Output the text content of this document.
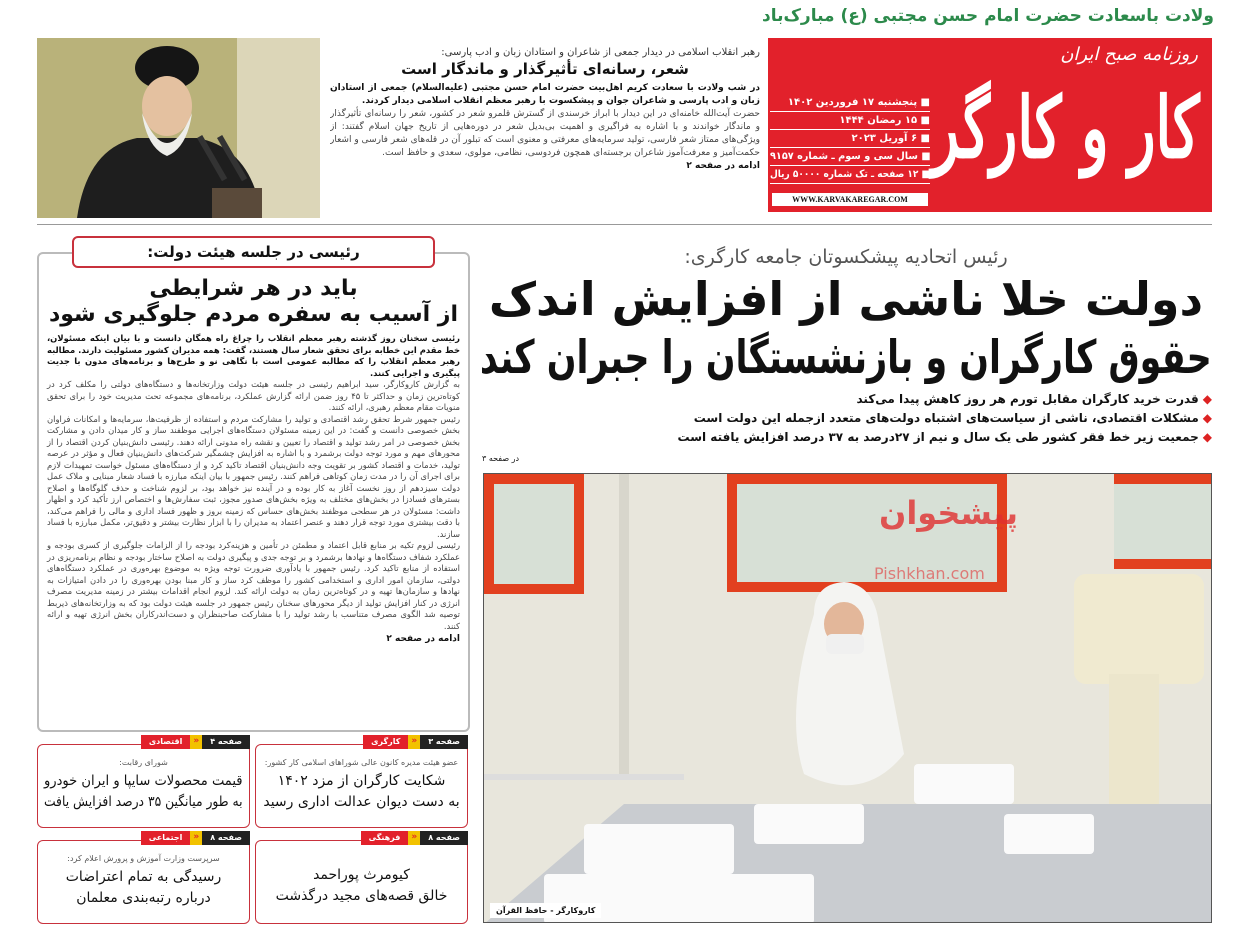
ولادت باسعادت حضرت امام حسن مجتبی (ع) مبارک‌باد
روزنامه صبح ایران
کار و کارگر
■ پنجشنبه ۱۷ فروردین ۱۴۰۲
■ ۱۵ رمضان ۱۴۴۴
■ ۶ آوریل ۲۰۲۳
■ سال سی و سوم ـ شماره ۹۱۵۷
■ ۱۲ صفحه ـ تک شماره ۵۰۰۰۰ ریال
WWW.KARVAKAREGAR.COM
رهبر انقلاب اسلامی در دیدار جمعی از شاعران و استادان زبان و ادب پارسی:
شعر، رسانه‌ای تأثیرگذار و ماندگار است

در شب ولادت با سعادت کریم اهل‌بیت حضرت امام حسن مجتبی (علیه‌السلام) جمعی از استادان زبان و ادب پارسی و شاعران جوان و پیشکسوت با رهبر معظم انقلاب اسلامی دیدار کردند.

حضرت آیت‌الله خامنه‌ای در این دیدار با ابراز خرسندی از گسترش قلمرو شعر در کشور، شعر را رسانه‌ای تأثیرگذار و ماندگار خواندند و با اشاره به فراگیری و اهمیت بی‌بدیل شعر در دوره‌هایی از تاریخ جهان اسلام گفتند: از ویژگی‌های ممتاز شعر فارسی، تولید سرمایه‌های معرفتی و معنوی است که تبلور آن در قله‌های شعر فارسی و اشعار حکمت‌آمیز و معرفت‌آموز شاعران برجسته‌ای همچون فردوسی، نظامی، مولوی، سعدی و حافظ است.

ادامه در صفحه ۲
باید در هر شرایطی
از آسیب به سفره مردم جلوگیری شود

رئیسی سخنان روز گذشته رهبر معظم انقلاب را چراغ راه همگان دانست و با بیان اینکه مسئولان، خط مقدم این خطابه برای تحقق شعار سال هستند، گفت: همه مدیران کشور مسئولیت دارند. مطالبه رهبر معظم انقلاب را که مطالبه عمومی است با نگاهی نو و طرح‌ها و برنامه‌های مدون با جدیت پیگیری و اجرایی کنند.

به گزارش کاروکارگر، سید ابراهیم رئیسی در جلسه هیئت دولت وزارتخانه‌ها و دستگاه‌های دولتی را مکلف کرد در کوتاه‌ترین زمان و حداکثر تا ۴۵ روز ضمن ارائه گزارش عملکرد، برنامه‌های مجموعه تحت مدیریت خود را برای تحقق منویات مقام معظم رهبری، ارائه کنند.

رئیس جمهور شرط تحقق رشد اقتصادی و تولید را مشارکت مردم و استفاده از ظرفیت‌ها، سرمایه‌ها و امکانات فراوان بخش خصوصی دانست و گفت: در این زمینه مسئولان دستگاه‌های اجرایی موظفند ساز و کار میدان دادن و مشارکت بخش خصوصی در امر رشد تولید و اقتصاد را تعیین و نقشه راه مدونی ارائه دهند. رئیسی دانش‌بنیان کردن اقتصاد را از محورهای مهم و مورد توجه دولت برشمرد و با اشاره به افزایش چشمگیر شرکت‌های دانش‌بنیان فعال و مؤثر در عرصه تولید، خدمات و اقتصاد کشور بر تقویت وجه دانش‌بنیان اقتصاد تاکید کرد و از دستگاه‌های مسئول خواست تمهیدات لازم برای اجرای آن را در مدت زمان کوتاهی فراهم کنند. رئیس جمهور با بیان اینکه مبارزه با فساد شعار مبنایی و ملاک عمل دولت سیزدهم از روز نخست آغاز به کار بوده و در آینده نیز خواهد بود، بر لزوم شناخت و حذف گلوگاه‌ها و اصلاح بسترهای فسادزا در بخش‌های مختلف به ویژه بخش‌های صدور مجوز، ثبت سفارش‌ها و اختصاص ارز تأکید کرد و اظهار داشت: مسئولان در هر سطحی موظفند بخش‌های حساس که زمینه بروز و ظهور فساد اداری و مالی را فراهم می‌کند، با دقت بیشتری مورد توجه قرار دهند و عنصر اعتماد به مدیران را با ابزار نظارت بیشتر و دقیق‌تر، مکمل مبارزه با فساد سازند.

رئیسی لزوم تکیه بر منابع قابل اعتماد و مطمئن در تأمین و هزینه‌کرد بودجه را از الزامات جلوگیری از کسری بودجه و عملکرد شفاف دستگاه‌ها و نهادها برشمرد و بر توجه جدی و پیگیری دولت به اصلاح ساختار بودجه و نظام برنامه‌ریزی در استفاده از منابع تاکید کرد. رئیس جمهور با یادآوری ضرورت توجه ویژه به موضوع بهره‌وری در عملکرد دستگاه‌های دولتی، سازمان امور اداری و استخدامی کشور را موظف کرد ساز و کار مبنا بودن بهره‌وری را در دادن امتیازات به نهادها و سازمان‌ها تهیه و در کوتاه‌ترین زمان به دولت ارائه کند. لزوم انجام اقدامات بیشتر در زمینه مدیریت مصرف انرژی در کنار افزایش تولید از دیگر محورهای سخنان رئیس جمهور در جلسه هیئت دولت بود که به وزارتخانه‌های ذیربط توصیه شد الگوی مصرف متناسب با رشد تولید را با مشارکت صاحبنظران و دست‌اندرکاران بخش انرژی تهیه و ارائه کنند.

ادامه در صفحه ۲
رئیسی در جلسه هیئت دولت:	رئیس اتحادیه پیشکسوتان جامعه کارگری:
دولت خلا ناشی از افزایش اندک
حقوق کارگران و بازنشستگان را جبران کند
◆قدرت خرید کارگران مقابل تورم هر روز کاهش پیدا می‌کند
◆مشکلات اقتصادی، ناشی از سیاست‌های اشتباه دولت‌های متعدد ازجمله این دولت است
◆جمعیت زیر خط فقر کشور طی یک سال و نیم از ۲۷درصد به ۳۷ درصد افزایش یافته است
در صفحه ۳
پیشخوان
Pishkhan.com
کاروکارگر - حافظ القرآن
صفحه ۳
«
کارگری
عضو هیئت مدیره کانون عالی شوراهای اسلامی کار کشور:
شکایت کارگران از مزد ۱۴۰۲
به دست دیوان عدالت اداری رسید
صفحه ۴
«
اقتصادی
شورای رقابت:
قیمت محصولات سایپا و ایران خودرو
به طور میانگین ۳۵ درصد افزایش یافت
صفحه ۸
«
فرهنگی
کیومرث پوراحمد
خالق قصه‌های مجید درگذشت
صفحه ۸
«
اجتماعی
سرپرست وزارت آموزش و پرورش اعلام کرد:
رسیدگی به تمام اعتراضات
درباره رتبه‌بندی معلمان
